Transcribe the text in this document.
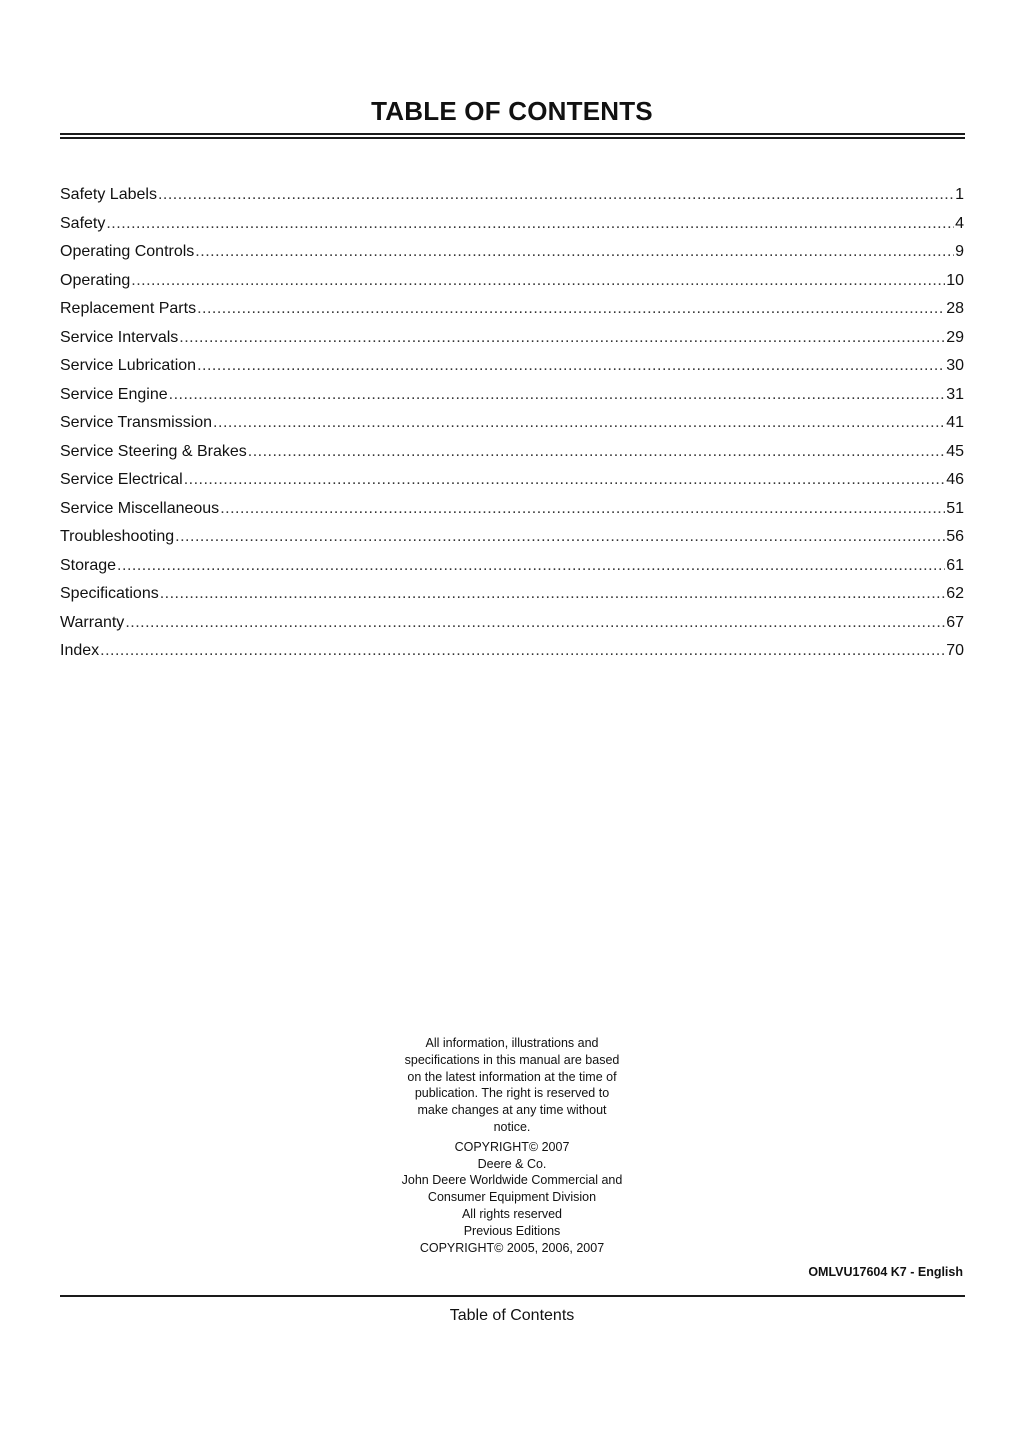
TABLE OF CONTENTS
Safety Labels .....	1
Safety .....	4
Operating Controls .....	9
Operating .....	10
Replacement Parts .....	28
Service Intervals .....	29
Service Lubrication .....	30
Service Engine .....	31
Service Transmission .....	41
Service Steering & Brakes .....	45
Service Electrical .....	46
Service Miscellaneous .....	51
Troubleshooting .....	56
Storage .....	61
Specifications .....	62
Warranty .....	67
Index .....	70

All information, illustrations and
specifications in this manual are based
on the latest information at the time of
publication. The right is reserved to
make changes at any time without
notice.

COPYRIGHT© 2007
Deere & Co.
John Deere Worldwide Commercial and
Consumer Equipment Division
All rights reserved
Previous Editions
COPYRIGHT© 2005, 2006, 2007

OMLVU17604 K7 - English
Table of Contents
